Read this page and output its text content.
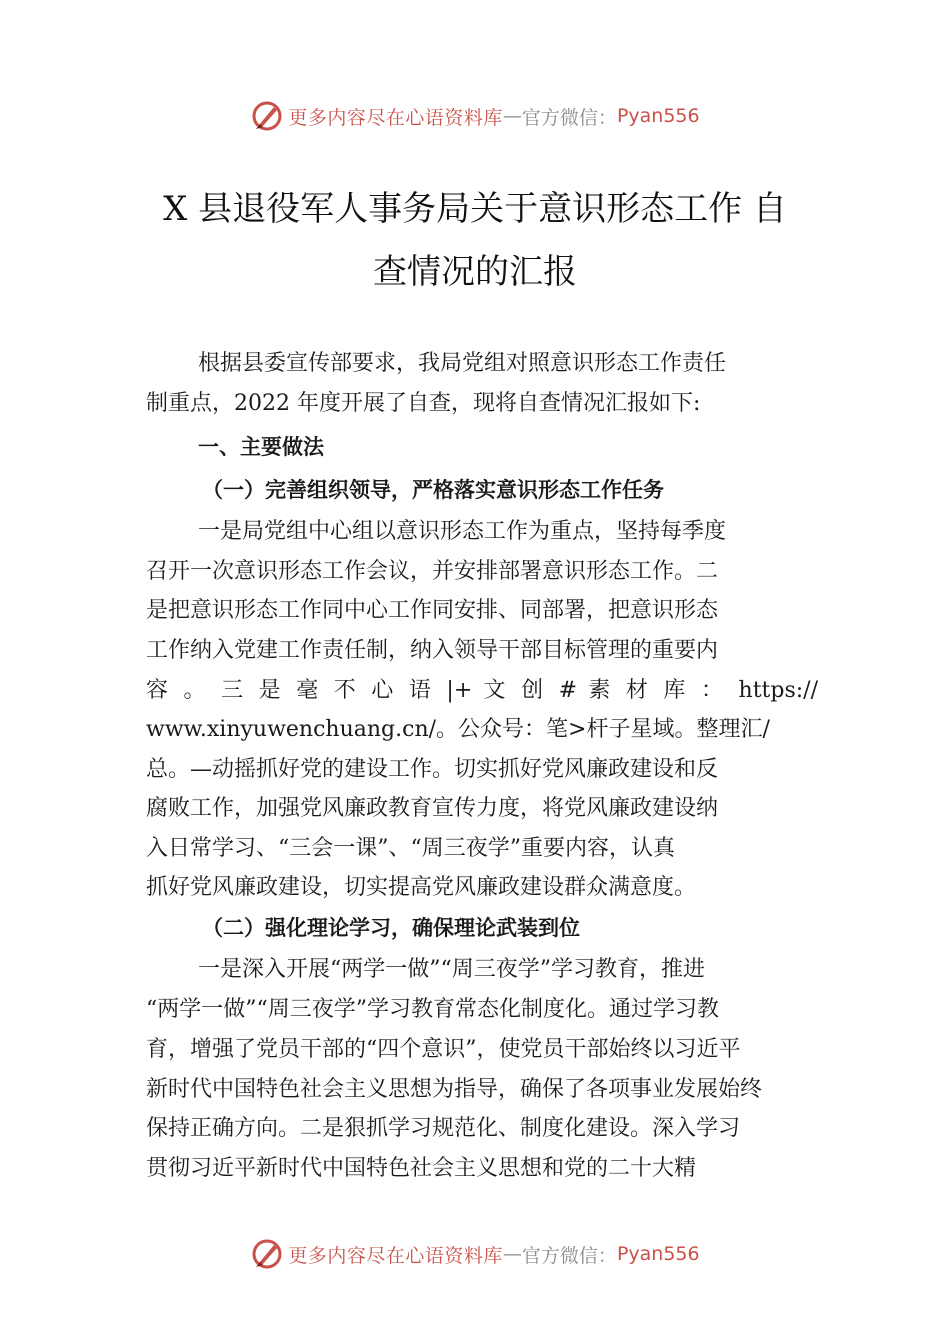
更多内容尽在心语资料库 — 官方微信： Pyan556
X 县退役军人事务局关于意识形态工作 自
查情况的汇报
根据县委宣传部要求，我局党组对照意识形态工作责任
制重点，2022 年度开展了自查，现将自查情况汇报如下:
一、主要做法
（一）完善组织领导，严格落实意识形态工作任务
一是局党组中心组以意识形态工作为重点，坚持每季度
召开一次意识形态工作会议，并安排部署意识形态工作。二
是把意识形态工作同中心工作同安排、同部署，把意识形态
工作纳入党建工作责任制，纳入领导干部目标管理的重要内
容 。 三 是 毫 不 心 语 |+ 文 创 # 素 材 库 ： https://
www.xinyuwenchuang.cn/。公众号：笔>杆子星域。整理汇/
总。—动摇抓好党的建设工作。切实抓好党风廉政建设和反
腐败工作，加强党风廉政教育宣传力度，将党风廉政建设纳
入日常学习、“三会一课”、“周三夜学”重要内容，认真
抓好党风廉政建设，切实提高党风廉政建设群众满意度。
（二）强化理论学习，确保理论武装到位
一是深入开展“两学一做”“周三夜学”学习教育，推进
“两学一做”“周三夜学”学习教育常态化制度化。通过学习教
育，增强了党员干部的“四个意识”，使党员干部始终以习近平
新时代中国特色社会主义思想为指导，确保了各项事业发展始终
保持正确方向。二是狠抓学习规范化、制度化建设。深入学习
贯彻习近平新时代中国特色社会主义思想和党的二十大精
更多内容尽在心语资料库 — 官方微信： Pyan556
